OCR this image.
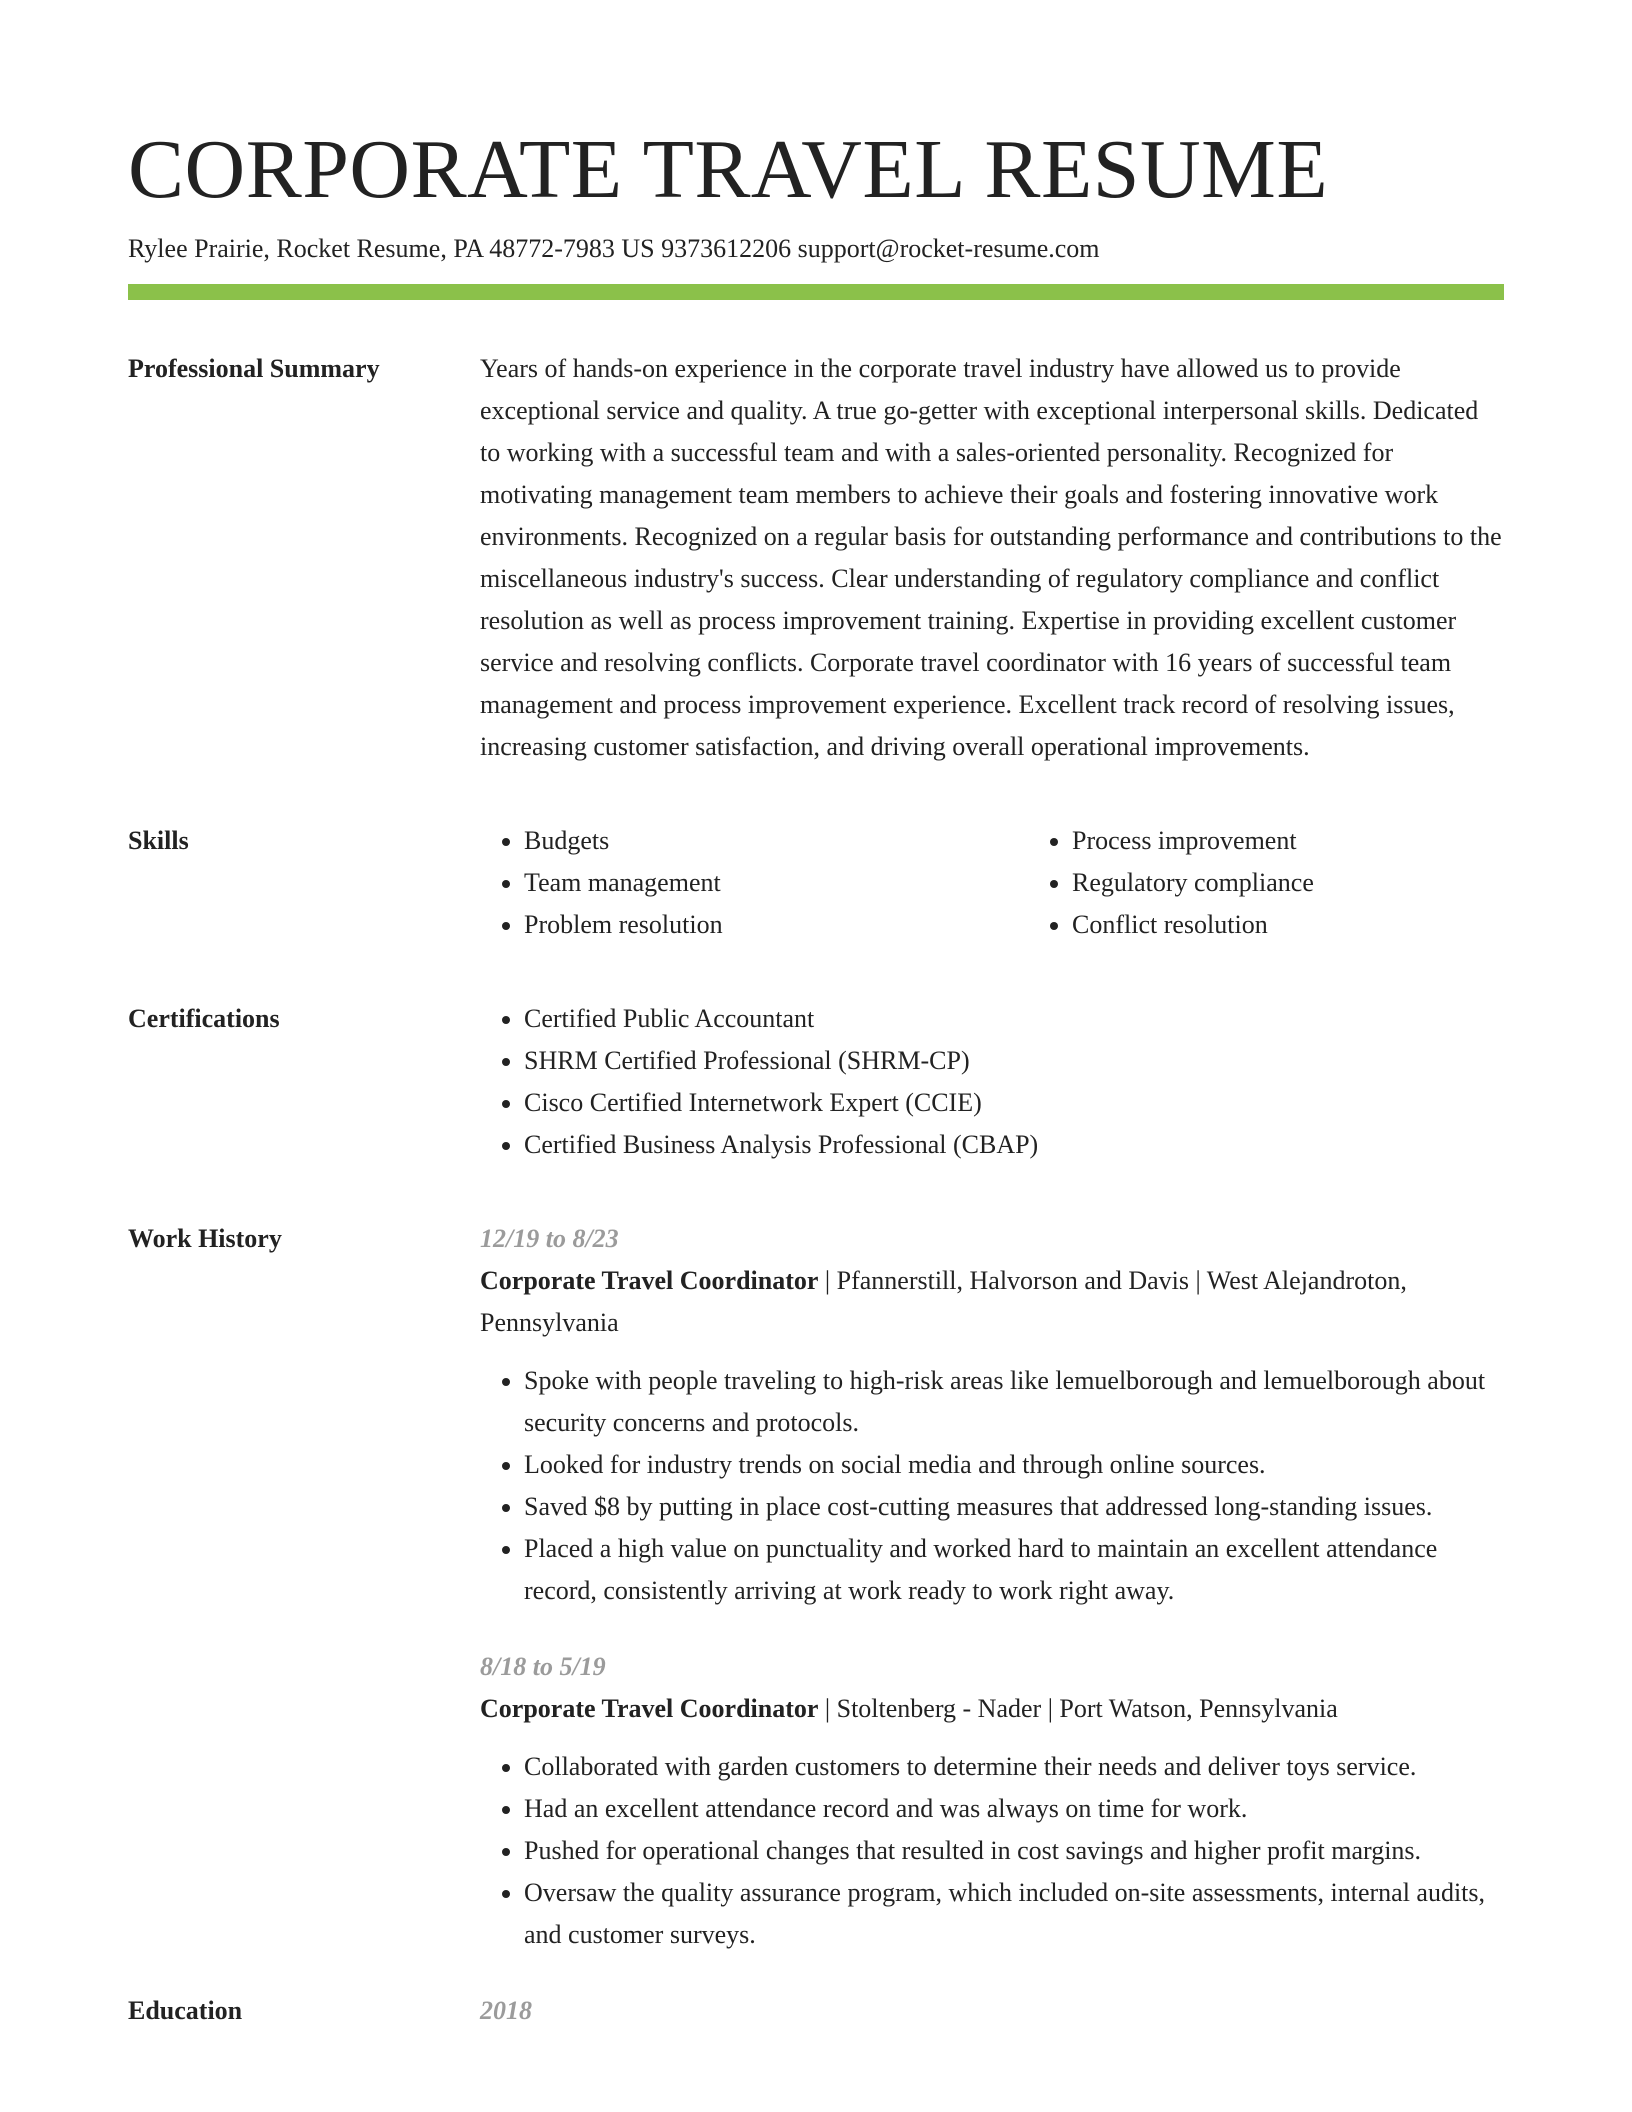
CORPORATE TRAVEL RESUME
Rylee Prairie, Rocket Resume, PA 48772-7983 US 9373612206 support@rocket-resume.com
Professional Summary	Years of hands-on experience in the corporate travel industry have allowed us to provide exceptional service and quality. A true go-getter with exceptional interpersonal skills. Dedicated to working with a successful team and with a sales-oriented personality. Recognized for motivating management team members to achieve their goals and fostering innovative work environments. Recognized on a regular basis for outstanding performance and contributions to the miscellaneous industry's success. Clear understanding of regulatory compliance and conflict resolution as well as process improvement training. Expertise in providing excellent customer service and resolving conflicts. Corporate travel coordinator with 16 years of successful team management and process improvement experience. Excellent track record of resolving issues, increasing customer satisfaction, and driving overall operational improvements.

Skills	• Budgets
• Team management
• Problem resolution
• Process improvement
• Regulatory compliance
• Conflict resolution
Certifications	• Certified Public Accountant
• SHRM Certified Professional (SHRM-CP)
• Cisco Certified Internetwork Expert (CCIE)
• Certified Business Analysis Professional (CBAP)
Work History	12/19 to 8/23
Corporate Travel Coordinator | Pfannerstill, Halvorson and Davis | West Alejandroton, Pennsylvania
• Spoke with people traveling to high-risk areas like lemuelborough and lemuelborough about security concerns and protocols.
• Looked for industry trends on social media and through online sources.
• Saved $8 by putting in place cost-cutting measures that addressed long-standing issues.
• Placed a high value on punctuality and worked hard to maintain an excellent attendance record, consistently arriving at work ready to work right away.
8/18 to 5/19
Corporate Travel Coordinator | Stoltenberg - Nader | Port Watson, Pennsylvania
• Collaborated with garden customers to determine their needs and deliver toys service.
• Had an excellent attendance record and was always on time for work.
• Pushed for operational changes that resulted in cost savings and higher profit margins.
• Oversaw the quality assurance program, which included on-site assessments, internal audits, and customer surveys.
Education	2018
